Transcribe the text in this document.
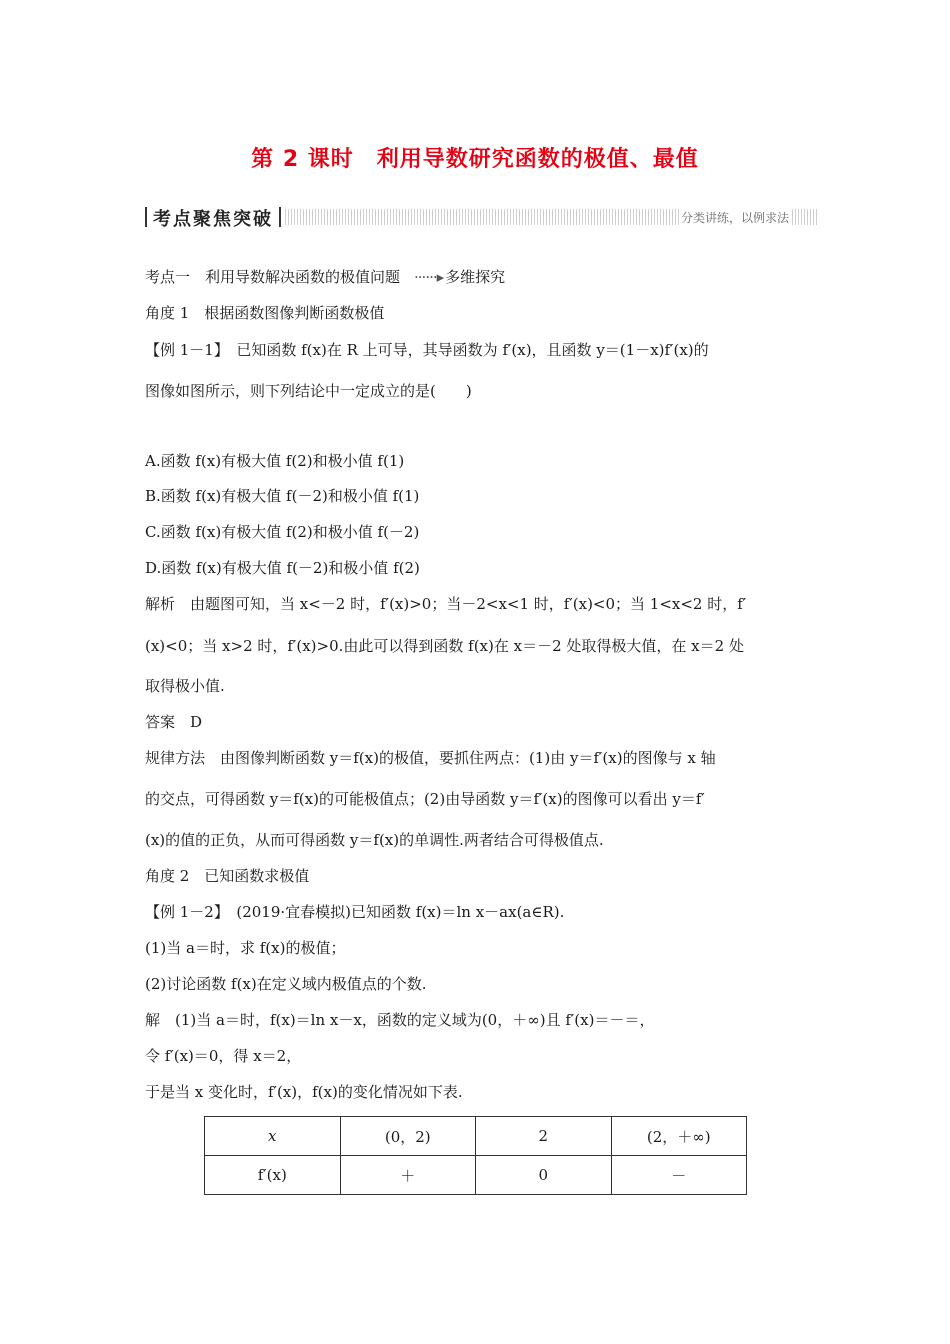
第 2 课时　利用导数研究函数的极值、最值
考点聚焦突破	分类讲练，以例求法
考点一　利用导数解决函数的极值问题 ······▸ 多维探究
角度 1　根据函数图像判断函数极值
【例 1－1】　已知函数 f(x)在 R 上可导，其导函数为 f′(x)，且函数 y＝(1－x)f′(x)的
图像如图所示，则下列结论中一定成立的是(　　)
A.函数 f(x)有极大值 f(2)和极小值 f(1)
B.函数 f(x)有极大值 f(－2)和极小值 f(1)
C.函数 f(x)有极大值 f(2)和极小值 f(－2)
D.函数 f(x)有极大值 f(－2)和极小值 f(2)
解析　由题图可知，当 x<－2 时，f′(x)>0；当－2<x<1 时，f′(x)<0；当 1<x<2 时，f′
(x)<0；当 x>2 时，f′(x)>0.由此可以得到函数 f(x)在 x＝－2 处取得极大值，在 x＝2 处
取得极小值.
答案　D
规律方法　由图像判断函数 y＝f(x)的极值，要抓住两点：(1)由 y＝f′(x)的图像与 x 轴
的交点，可得函数 y＝f(x)的可能极值点；(2)由导函数 y＝f′(x)的图像可以看出 y＝f′
(x)的值的正负，从而可得函数 y＝f(x)的单调性.两者结合可得极值点.
角度 2　已知函数求极值
【例 1－2】　(2019·宜春模拟)已知函数 f(x)＝ln x－ax(a∈R).
(1)当 a＝时，求 f(x)的极值；
(2)讨论函数 f(x)在定义域内极值点的个数.
解　(1)当 a＝时，f(x)＝ln x－x，函数的定义域为(0，＋∞)且 f′(x)＝－＝，
令 f′(x)＝0，得 x＝2，
于是当 x 变化时，f′(x)，f(x)的变化情况如下表.
x	(0，2)	2	(2，＋∞)
f′(x)	＋	0	－
